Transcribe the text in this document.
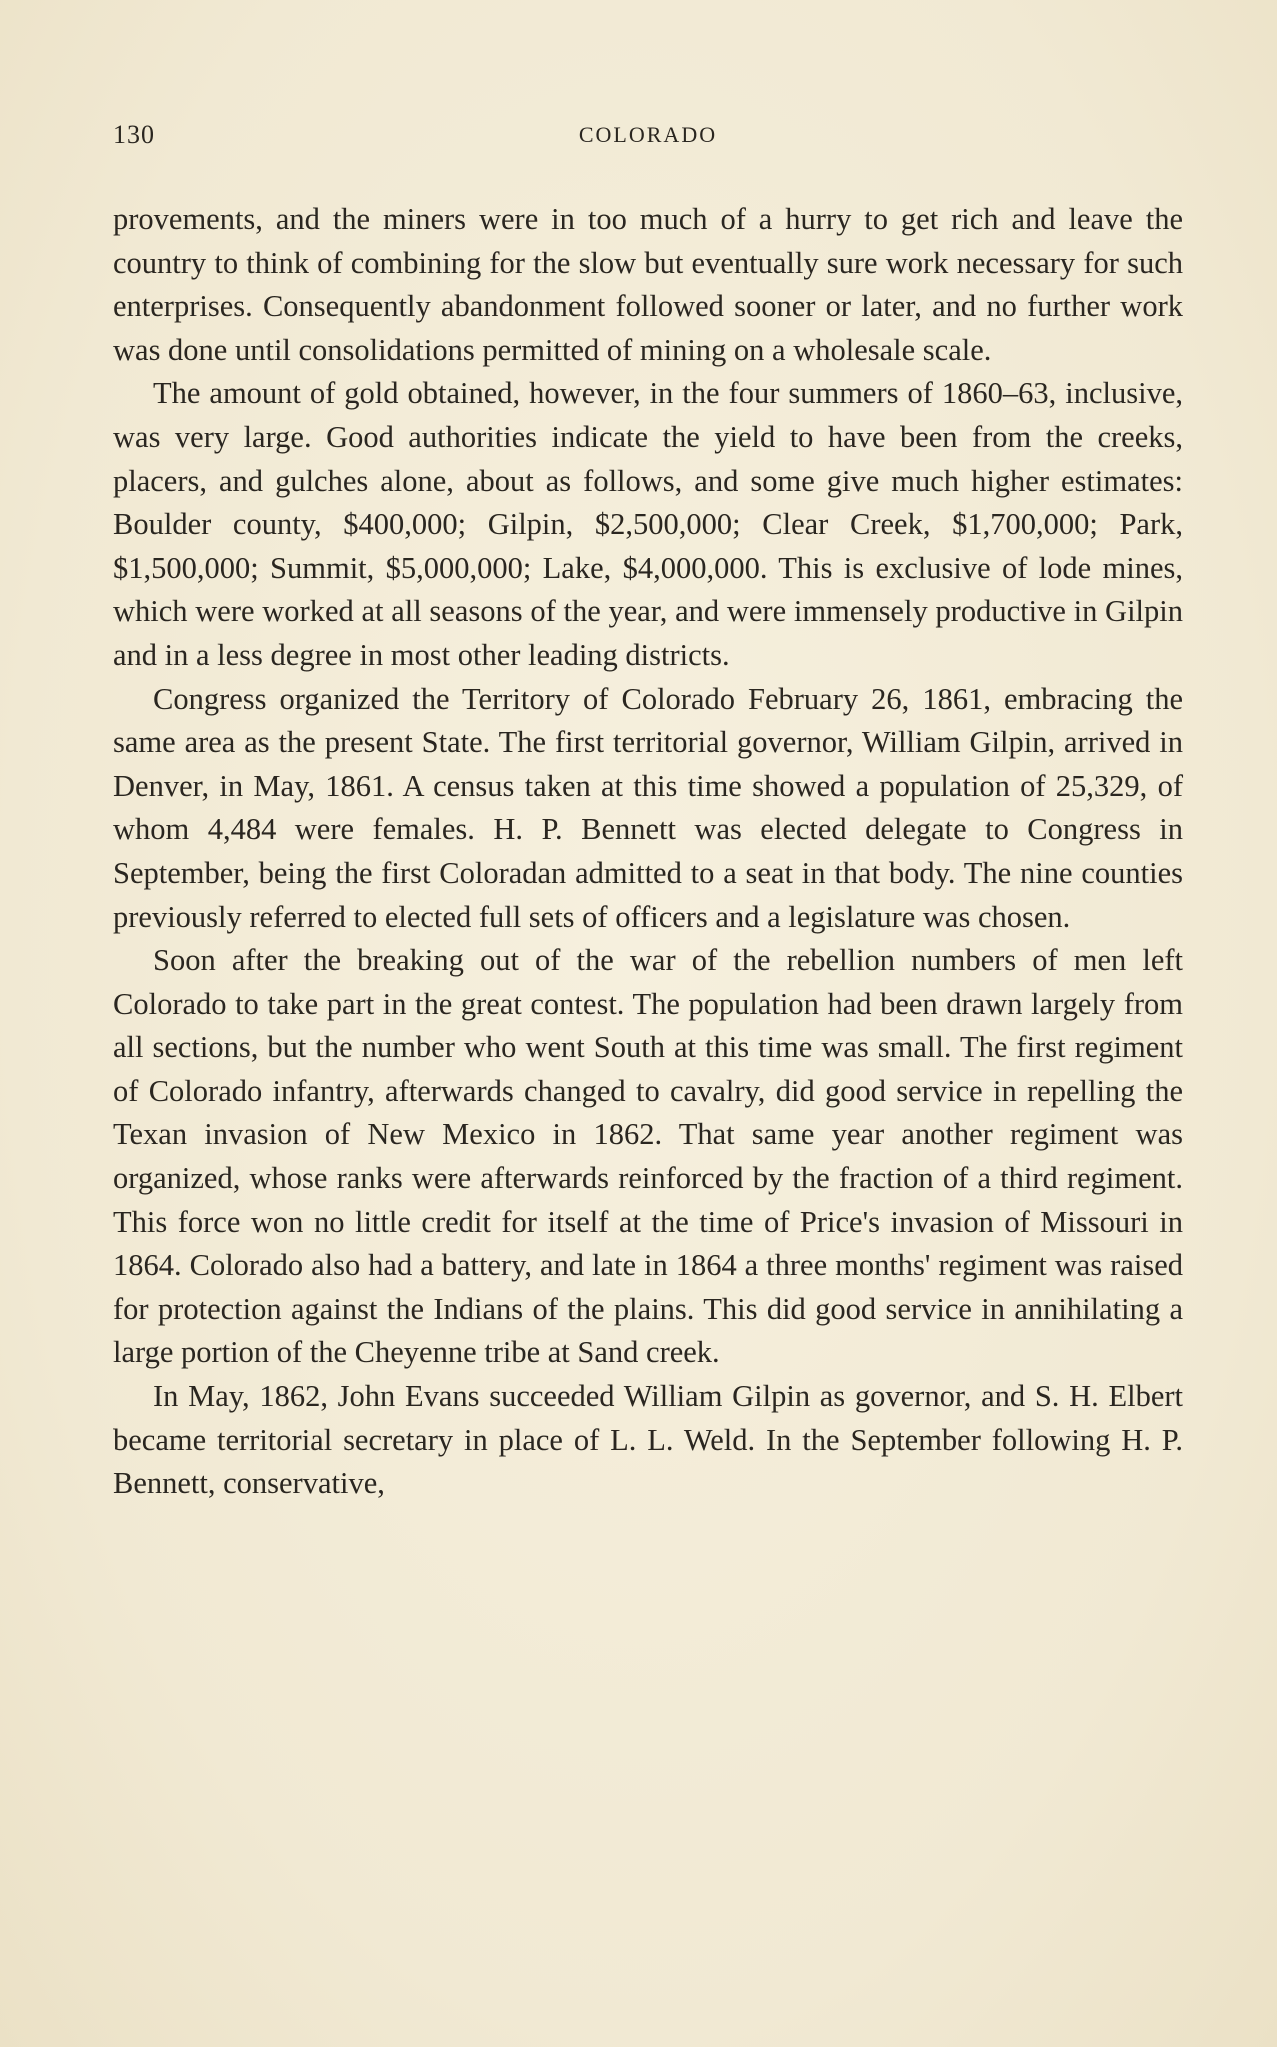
130	COLORADO

provements, and the miners were in too much of a hurry to get rich and leave the country to think of combining for the slow but eventually sure work necessary for such enterprises. Consequently abandonment followed sooner or later, and no further work was done until consolidations permitted of mining on a wholesale scale.

The amount of gold obtained, however, in the four summers of 1860–63, inclusive, was very large. Good authorities indicate the yield to have been from the creeks, placers, and gulches alone, about as follows, and some give much higher estimates: Boulder county, $400,000; Gilpin, $2,500,000; Clear Creek, $1,700,000; Park, $1,500,000; Summit, $5,000,000; Lake, $4,000,000. This is exclusive of lode mines, which were worked at all seasons of the year, and were immensely productive in Gilpin and in a less degree in most other leading districts.

Congress organized the Territory of Colorado February 26, 1861, embracing the same area as the present State. The first territorial governor, William Gilpin, arrived in Denver, in May, 1861. A census taken at this time showed a population of 25,329, of whom 4,484 were females. H. P. Bennett was elected delegate to Congress in September, being the first Coloradan admitted to a seat in that body. The nine counties previously referred to elected full sets of officers and a legislature was chosen.

Soon after the breaking out of the war of the rebellion numbers of men left Colorado to take part in the great contest. The population had been drawn largely from all sections, but the number who went South at this time was small. The first regiment of Colorado infantry, afterwards changed to cavalry, did good service in repelling the Texan invasion of New Mexico in 1862. That same year another regiment was organized, whose ranks were afterwards reinforced by the fraction of a third regiment. This force won no little credit for itself at the time of Price's invasion of Missouri in 1864. Colorado also had a battery, and late in 1864 a three months' regiment was raised for protection against the Indians of the plains. This did good service in annihilating a large portion of the Cheyenne tribe at Sand creek.

In May, 1862, John Evans succeeded William Gilpin as governor, and S. H. Elbert became territorial secretary in place of L. L. Weld. In the September following H. P. Bennett, conservative,
